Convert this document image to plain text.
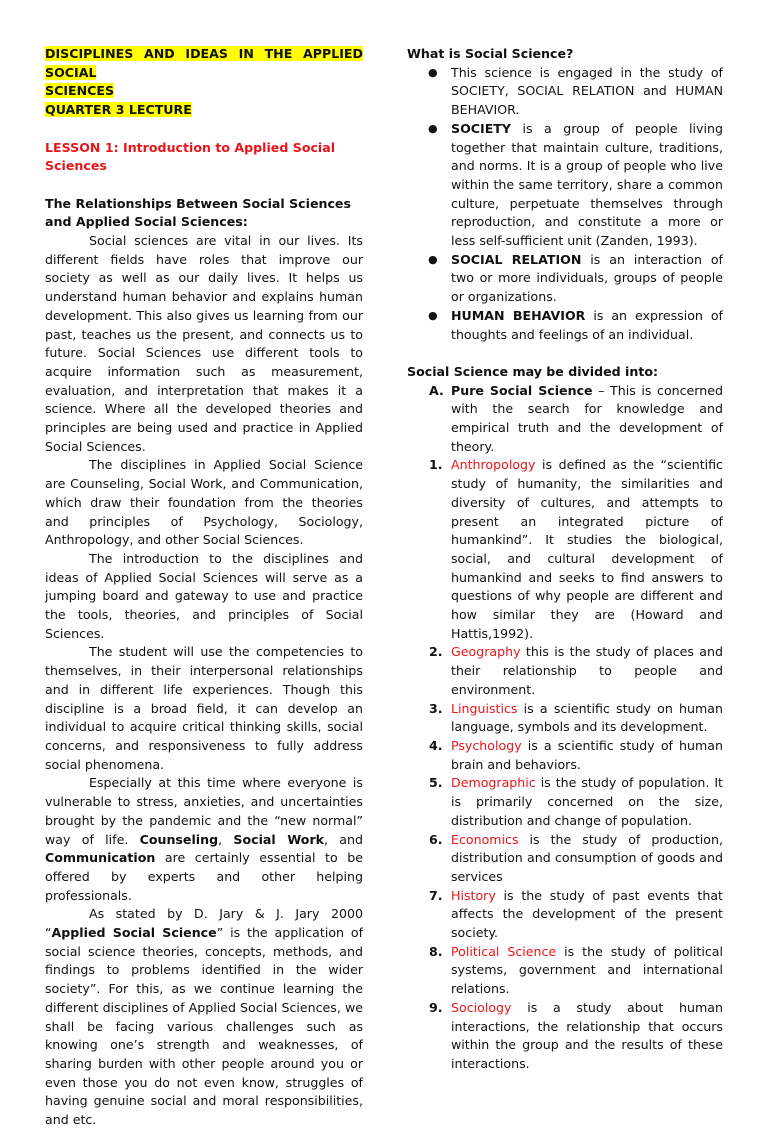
DISCIPLINES AND IDEAS IN THE APPLIED SOCIAL

SCIENCES

QUARTER 3 LECTURE

LESSON 1: Introduction to Applied Social Sciences

The Relationships Between Social Sciences and Applied Social Sciences:

Social sciences are vital in our lives. Its different fields have roles that improve our society as well as our daily lives. It helps us understand human behavior and explains human development. This also gives us learning from our past, teaches us the present, and connects us to future. Social Sciences use different tools to acquire information such as measurement, evaluation, and interpretation that makes it a science. Where all the developed theories and principles are being used and practice in Applied Social Sciences.

The disciplines in Applied Social Science are Counseling, Social Work, and Communication, which draw their foundation from the theories and principles of Psychology, Sociology, Anthropology, and other Social Sciences.

The introduction to the disciplines and ideas of Applied Social Sciences will serve as a jumping board and gateway to use and practice the tools, theories, and principles of Social Sciences.

The student will use the competencies to themselves, in their interpersonal relationships and in different life experiences. Though this discipline is a broad field, it can develop an individual to acquire critical thinking skills, social concerns, and responsiveness to fully address social phenomena.

Especially at this time where everyone is vulnerable to stress, anxieties, and uncertainties brought by the pandemic and the “new normal” way of life. Counseling, Social Work, and Communication are certainly essential to be offered by experts and other helping professionals.

As stated by D. Jary & J. Jary 2000 “Applied Social Science” is the application of social science theories, concepts, methods, and findings to problems identified in the wider society”. For this, as we continue learning the different disciplines of Applied Social Sciences, we shall be facing various challenges such as knowing one’s strength and weaknesses, of sharing burden with other people around you or even those you do not even know, struggles of having genuine social and moral responsibilities, and etc.

What is Social Science?

● This science is engaged in the study of SOCIETY, SOCIAL RELATION and HUMAN BEHAVIOR.
● SOCIETY is a group of people living together that maintain culture, traditions, and norms. It is a group of people who live within the same territory, share a common culture, perpetuate themselves through reproduction, and constitute a more or less self-sufficient unit (Zanden, 1993).
● SOCIAL RELATION is an interaction of two or more individuals, groups of people or organizations.
● HUMAN BEHAVIOR is an expression of thoughts and feelings of an individual.

Social Science may be divided into:

A. Pure Social Science – This is concerned with the search for knowledge and empirical truth and the development of theory.
1. Anthropology is defined as the “scientific study of humanity, the similarities and diversity of cultures, and attempts to present an integrated picture of humankind”. It studies the biological, social, and cultural development of humankind and seeks to find answers to questions of why people are different and how similar they are (Howard and Hattis,1992).
2. Geography this is the study of places and their relationship to people and environment.
3. Linguistics is a scientific study on human language, symbols and its development.
4. Psychology is a scientific study of human brain and behaviors.
5. Demographic is the study of population. It is primarily concerned on the size, distribution and change of population.
6. Economics is the study of production, distribution and consumption of goods and services
7. History is the study of past events that affects the development of the present society.
8. Political Science is the study of political systems, government and international relations.
9. Sociology is a study about human interactions, the relationship that occurs within the group and the results of these interactions.
